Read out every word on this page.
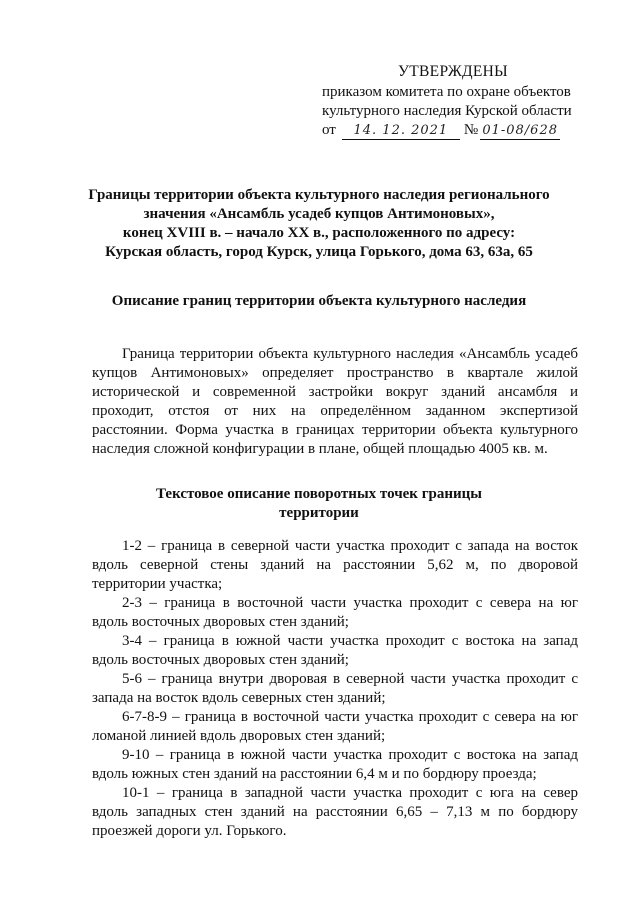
УТВЕРЖДЕНЫ
приказом комитета по охране объектов
культурного наследия Курской области
от	14. 12. 2021	№ 01-08/628
Границы территории объекта культурного наследия регионального
значения «Ансамбль усадеб купцов Антимоновых»,
конец XVIII в. – начало XX в., расположенного по адресу:
Курская область, город Курск, улица Горького, дома 63, 63а, 65
Описание границ территории объекта культурного наследия
Граница территории объекта культурного наследия «Ансамбль усадеб
купцов Антимоновых» определяет пространство в квартале жилой
исторической и современной застройки вокруг зданий ансамбля и
проходит, отстоя от них на определённом заданном экспертизой
расстоянии. Форма участка в границах территории объекта культурного
наследия сложной конфигурации в плане, общей площадью 4005 кв. м.
Текстовое описание поворотных точек границы
территории
1-2 – граница в северной части участка проходит с запада на восток
вдоль северной стены зданий на расстоянии 5,62 м, по дворовой
территории участка;
2-3 – граница в восточной части участка проходит с севера на юг
вдоль восточных дворовых стен зданий;
3-4 – граница в южной части участка проходит с востока на запад
вдоль восточных дворовых стен зданий;
5-6 – граница внутри дворовая в северной части участка проходит с
запада на восток вдоль северных стен зданий;
6-7-8-9 – граница в восточной части участка проходит с севера на юг
ломаной линией вдоль дворовых стен зданий;
9-10 – граница в южной части участка проходит с востока на запад
вдоль южных стен зданий на расстоянии 6,4 м и по бордюру проезда;
10-1 – граница в западной части участка проходит с юга на север
вдоль западных стен зданий на расстоянии 6,65 – 7,13 м по бордюру
проезжей дороги ул. Горького.
